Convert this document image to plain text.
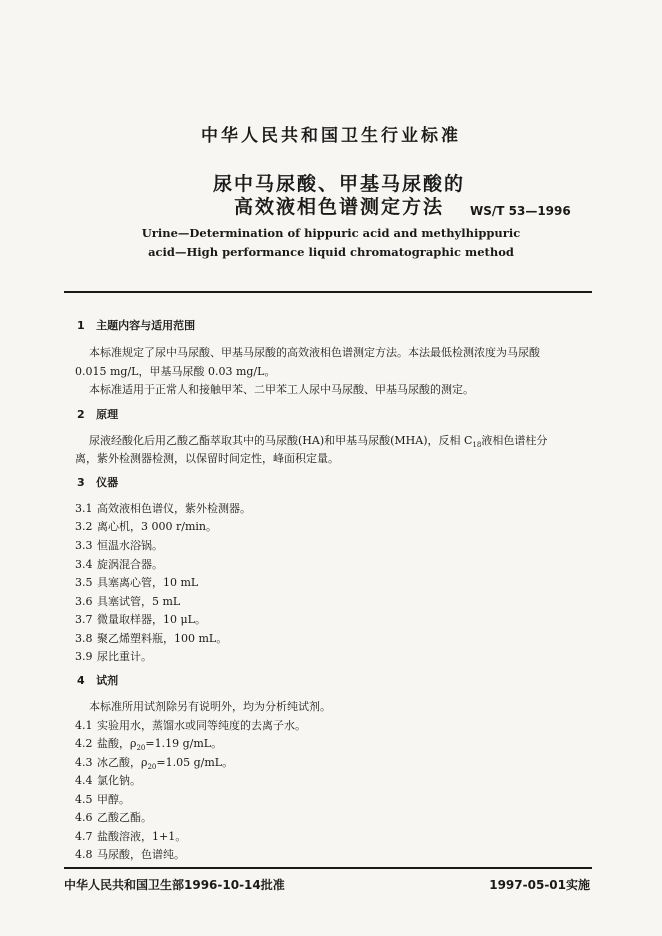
中华人民共和国卫生行业标准
尿中马尿酸、甲基马尿酸的
高效液相色谱测定方法	WS/T 53—1996
Urine—Determination of hippuric acid and methylhippuric
acid—High performance liquid chromatographic method
1 主题内容与适用范围
本标准规定了尿中马尿酸、甲基马尿酸的高效液相色谱测定方法。本法最低检测浓度为马尿酸
0.015 mg/L，甲基马尿酸 0.03 mg/L。
本标准适用于正常人和接触甲苯、二甲苯工人尿中马尿酸、甲基马尿酸的测定。
2 原理
尿液经酸化后用乙酸乙酯萃取其中的马尿酸(HA)和甲基马尿酸(MHA)，反相 $C_{18}$液相色谱柱分
离，紫外检测器检测，以保留时间定性，峰面积定量。
3 仪器
3.1 高效液相色谱仪，紫外检测器。
3.2 离心机，3 000 r/min。
3.3 恒温水浴锅。
3.4 旋涡混合器。
3.5 具塞离心管，10 mL
3.6 具塞试管，5 mL
3.7 微量取样器，10 μL。
3.8 聚乙烯塑料瓶，100 mL。
3.9 尿比重计。
4 试剂
本标准所用试剂除另有说明外，均为分析纯试剂。
4.1 实验用水，蒸馏水或同等纯度的去离子水。
4.2 盐酸，$\rho_{20}=1.19$ g/mL。
4.3 冰乙酸，$\rho_{20}=1.05$ g/mL。
4.4 氯化钠。
4.5 甲醇。
4.6 乙酸乙酯。
4.7 盐酸溶液，1+1。
4.8 马尿酸，色谱纯。
中华人民共和国卫生部1996-10-14批准	1997-05-01实施
